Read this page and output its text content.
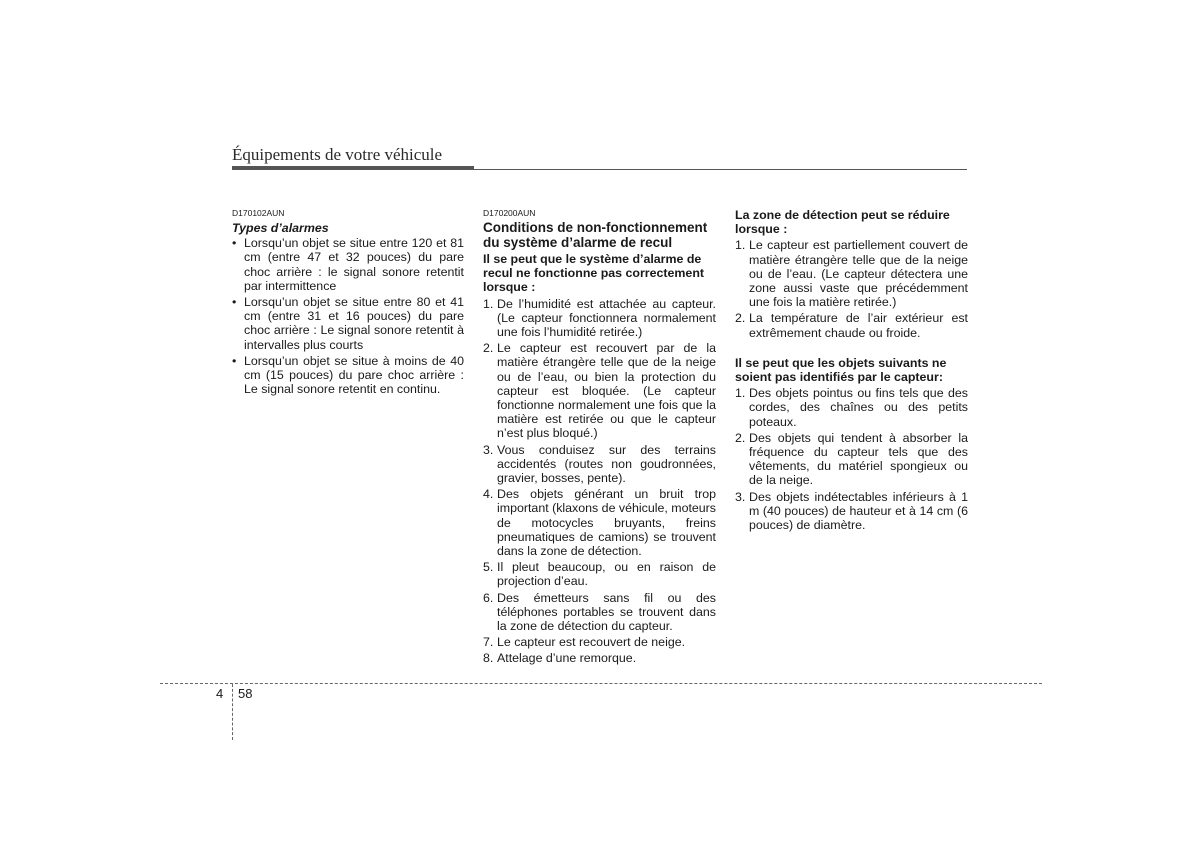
Équipements de votre véhicule
D170102AUN
Types d’alarmes
• Lorsqu’un objet se situe entre 120 et 81 cm (entre 47 et 32 pouces) du pare choc arrière : le signal sonore retentit par intermittence
• Lorsqu’un objet se situe entre 80 et 41 cm (entre 31 et 16 pouces) du pare choc arrière : Le signal sonore retentit à intervalles plus courts
• Lorsqu’un objet se situe à moins de 40 cm (15 pouces) du pare choc arrière : Le signal sonore retentit en continu.
D170200AUN
Conditions de non-fonctionnement du système d’alarme de recul
Il se peut que le système d’alarme de recul ne fonctionne pas correctement lorsque :
1. De l’humidité est attachée au capteur. (Le capteur fonctionnera normalement une fois l’humidité retirée.)
2. Le capteur est recouvert par de la matière étrangère telle que de la neige ou de l’eau, ou bien la protection du capteur est bloquée. (Le capteur fonctionne normalement une fois que la matière est retirée ou que le capteur n’est plus bloqué.)
3. Vous conduisez sur des terrains accidentés (routes non goudronnées, gravier, bosses, pente).
4. Des objets générant un bruit trop important (klaxons de véhicule, moteurs de motocycles bruyants, freins pneumatiques de camions) se trouvent dans la zone de détection.
5. Il pleut beaucoup, ou en raison de projection d’eau.
6. Des émetteurs sans fil ou des téléphones portables se trouvent dans la zone de détection du capteur.
7. Le capteur est recouvert de neige.
8. Attelage d’une remorque.
La zone de détection peut se réduire lorsque :
1. Le capteur est partiellement couvert de matière étrangère telle que de la neige ou de l’eau. (Le capteur détectera une zone aussi vaste que précédemment une fois la matière retirée.)
2. La température de l’air extérieur est extrêmement chaude ou froide.
Il se peut que les objets suivants ne soient pas identifiés par le capteur:
1. Des objets pointus ou fins tels que des cordes, des chaînes ou des petits poteaux.
2. Des objets qui tendent à absorber la fréquence du capteur tels que des vêtements, du matériel spongieux ou de la neige.
3. Des objets indétectables inférieurs à 1 m (40 pouces) de hauteur et à 14 cm (6 pouces) de diamètre.
4 58
